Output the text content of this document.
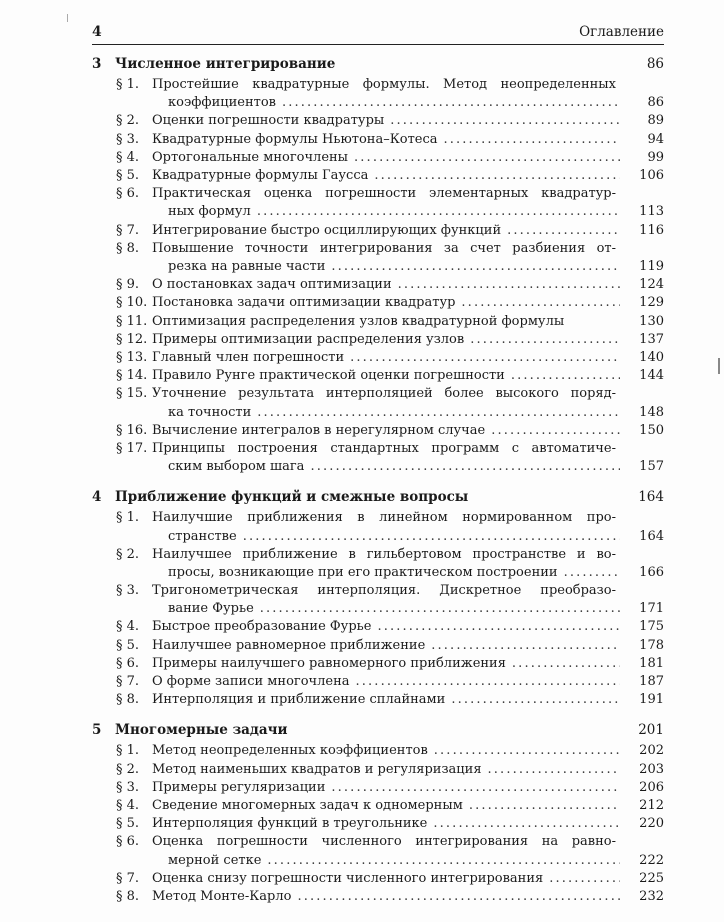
4	Оглавление
3	Численное интегрирование	86
§ 1. Простейшие квадратурные формулы. Метод неопределенных
коэффициентов . . .	86
§ 2. Оценки погрешности квадратуры . . .	89
§ 3. Квадратурные формулы Ньютона–Котеса . . .	94
§ 4. Ортогональные многочлены . . .	99
§ 5. Квадратурные формулы Гаусса . . .	106
§ 6. Практическая оценка погрешности элементарных квадратур-
ных формул . . .	113
§ 7. Интегрирование быстро осциллирующих функций . . .	116
§ 8. Повышение точности интегрирования за счет разбиения от-
резка на равные части . . .	119
§ 9. О постановках задач оптимизации . . .	124
§ 10. Постановка задачи оптимизации квадратур . . .	129
§ 11. Оптимизация распределения узлов квадратурной формулы	130
§ 12. Примеры оптимизации распределения узлов . . .	137
§ 13. Главный член погрешности . . .	140
§ 14. Правило Рунге практической оценки погрешности . . .	144
§ 15. Уточнение результата интерполяцией более высокого поряд-
ка точности . . .	148
§ 16. Вычисление интегралов в нерегулярном случае . . .	150
§ 17. Принципы построения стандартных программ с автоматиче-
ским выбором шага . . .	157
4	Приближение функций и смежные вопросы	164
§ 1. Наилучшие приближения в линейном нормированном про-
странстве . . .	164
§ 2. Наилучшее приближение в гильбертовом пространстве и во-
просы, возникающие при его практическом построении . . .	166
§ 3. Тригонометрическая интерполяция. Дискретное преобразо-
вание Фурье . . .	171
§ 4. Быстрое преобразование Фурье . . .	175
§ 5. Наилучшее равномерное приближение . . .	178
§ 6. Примеры наилучшего равномерного приближения . . .	181
§ 7. О форме записи многочлена . . .	187
§ 8. Интерполяция и приближение сплайнами . . .	191
5	Многомерные задачи	201
§ 1. Метод неопределенных коэффициентов . . .	202
§ 2. Метод наименьших квадратов и регуляризация . . .	203
§ 3. Примеры регуляризации . . .	206
§ 4. Сведение многомерных задач к одномерным . . .	212
§ 5. Интерполяция функций в треугольнике . . .	220
§ 6. Оценка погрешности численного интегрирования на равно-
мерной сетке . . .	222
§ 7. Оценка снизу погрешности численного интегрирования . . .	225
§ 8. Метод Монте-Карло . . .	232
